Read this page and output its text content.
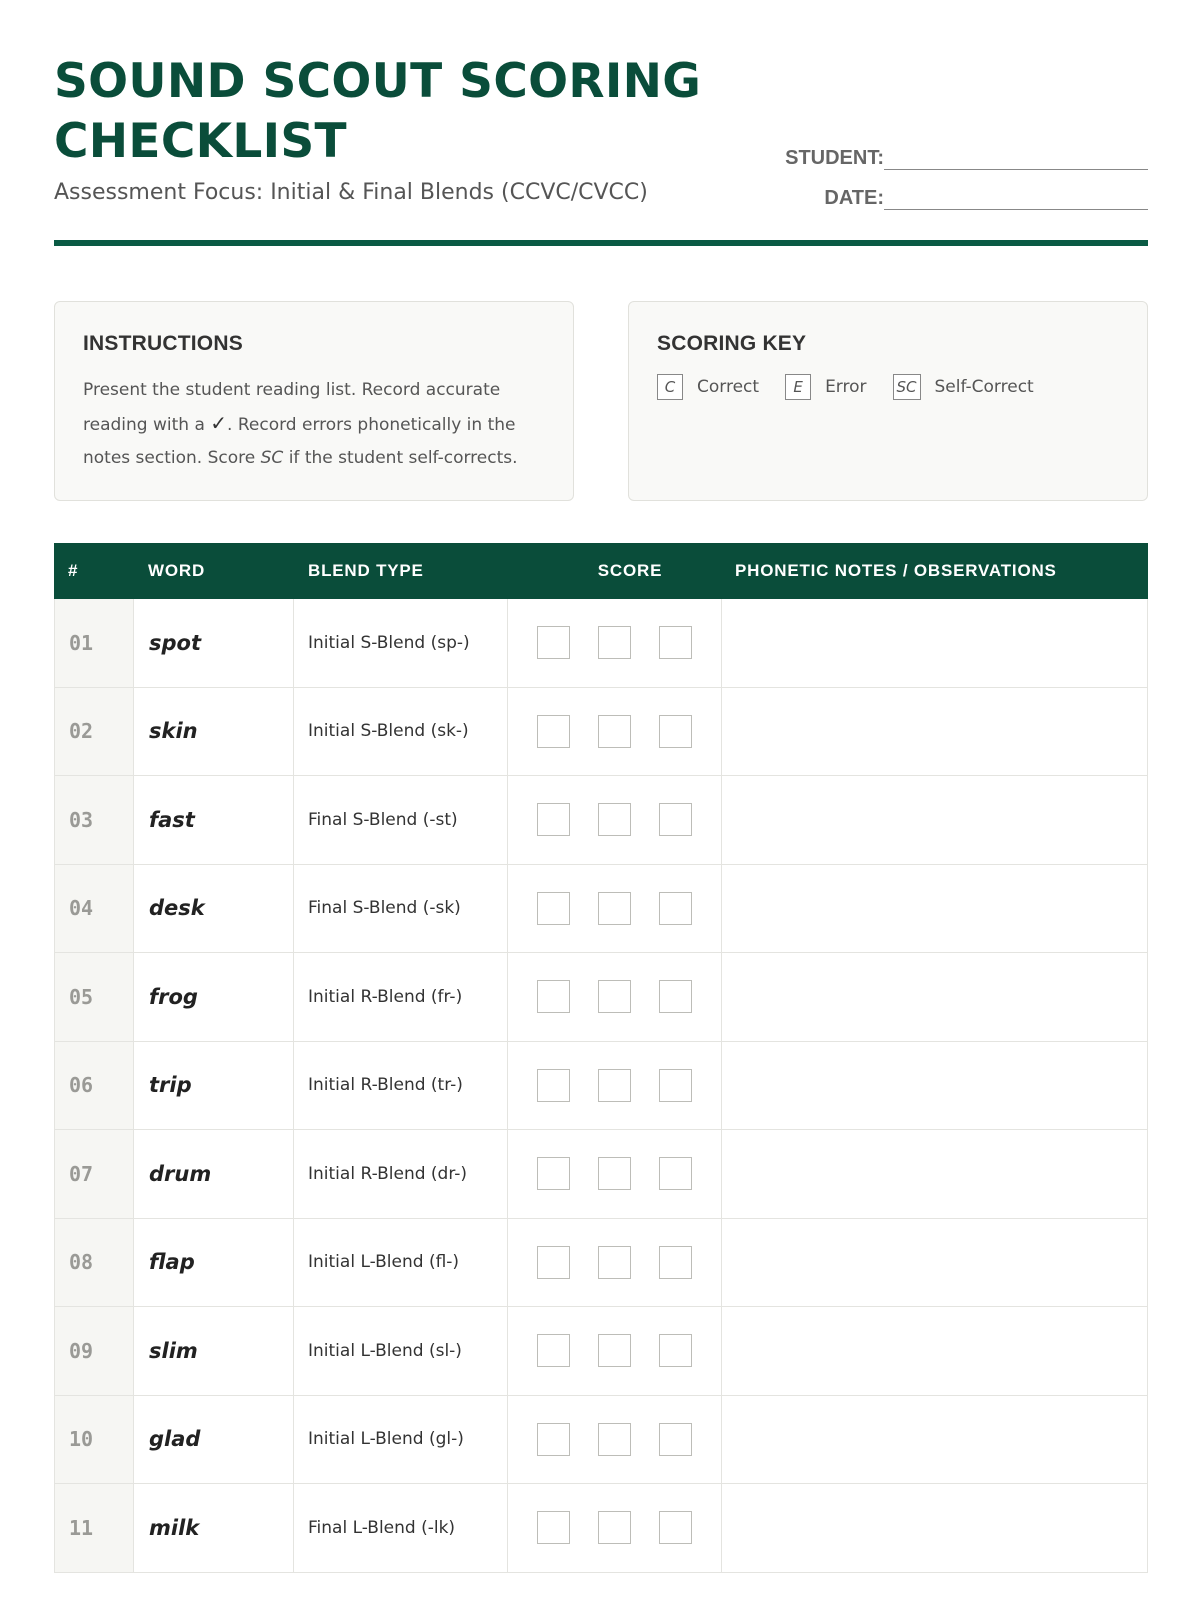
SOUND SCOUT SCORING CHECKLIST
Assessment Focus: Initial & Final Blends (CCVC/CVCC)
STUDENT:
DATE:
INSTRUCTIONS

Present the student reading list. Record accurate reading with a ✓. Record errors phonetically in the notes section. Score SC if the student self-corrects.

SCORING KEY
C	Correct	E	Error SC Self-Correct
#	WORD	BLEND TYPE	SCORE	PHONETIC NOTES / OBSERVATIONS
01	spot	Initial S-Blend (sp-)
02	skin	Initial S-Blend (sk-)
03	fast	Final S-Blend (-st)
04	desk	Final S-Blend (-sk)
05	frog	Initial R-Blend (fr-)
06	trip	Initial R-Blend (tr-)
07	drum	Initial R-Blend (dr-)
08	flap	Initial L-Blend (fl-)
09	slim	Initial L-Blend (sl-)
10	glad	Initial L-Blend (gl-)
11	milk	Final L-Blend (-lk)
